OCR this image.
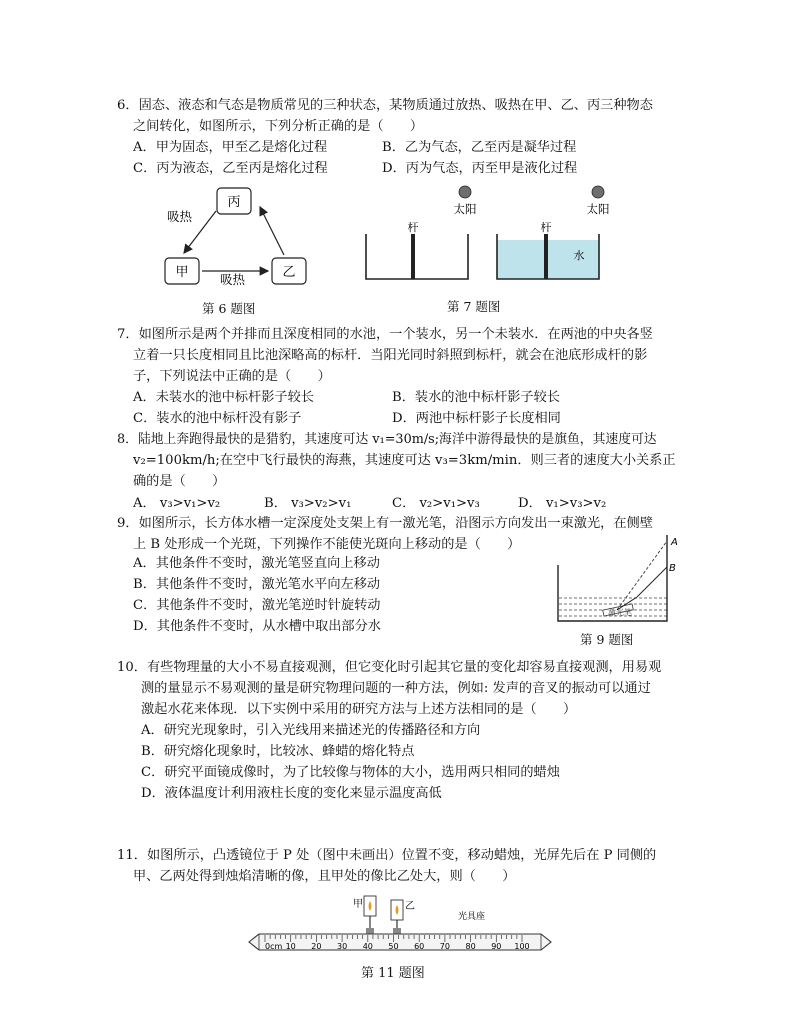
6．固态、液态和气态是物质常见的三种状态，某物质通过放热、吸热在甲、乙、丙三种物态
之间转化，如图所示，下列分析正确的是（　　）
A．甲为固态，甲至乙是熔化过程	B．乙为气态，乙至丙是凝华过程
C．丙为液态，乙至丙是熔化过程	D．丙为气态，丙至甲是液化过程
丙
甲	乙
吸热
吸热
第 6 题图
太阳
杆
太阳
杆
水
第 7 题图
7．如图所示是两个并排而且深度相同的水池，一个装水，另一个未装水．在两池的中央各竖
立着一只长度相同且比池深略高的标杆．当阳光同时斜照到标杆，就会在池底形成杆的影
子，下列说法中正确的是（　　）
A．未装水的池中标杆影子较长	B．装水的池中标杆影子较长
C．装水的池中标杆没有影子	D．两池中标杆影子长度相同
8．陆地上奔跑得最快的是猎豹，其速度可达 v₁=30m/s;海洋中游得最快的是旗鱼，其速度可达
v₂=100km/h;在空中飞行最快的海燕，其速度可达 v₃=3km/min．则三者的速度大小关系正
确的是（　　）
A． v₃>v₁>v₂	B． v₃>v₂>v₁	C． v₂>v₁>v₃	D． v₁>v₃>v₂
9．如图所示，长方体水槽一定深度处支架上有一激光笔，沿图示方向发出一束激光，在侧壁
上 B 处形成一个光斑，下列操作不能使光斑向上移动的是（　　）
A．其他条件不变时，激光笔竖直向上移动
B．其他条件不变时，激光笔水平向左移动
C．其他条件不变时，激光笔逆时针旋转动
D．其他条件不变时，从水槽中取出部分水
激光笔
A
B
第 9 题图
10．有些物理量的大小不易直接观测，但它变化时引起其它量的变化却容易直接观测，用易观
测的量显示不易观测的量是研究物理问题的一种方法，例如: 发声的音叉的振动可以通过
激起水花来体现．以下实例中采用的研究方法与上述方法相同的是（　　）
A．研究光现象时，引入光线用来描述光的传播路径和方向
B．研究熔化现象时，比较冰、蜂蜡的熔化特点
C．研究平面镜成像时，为了比较像与物体的大小，选用两只相同的蜡烛
D．液体温度计利用液柱长度的变化来显示温度高低
11．如图所示，凸透镜位于 P 处（图中未画出）位置不变，移动蜡烛，光屏先后在 P 同侧的
甲、乙两处得到烛焰清晰的像，且甲处的像比乙处大，则（　　）
甲	乙
光具座
0cm 10 20 30 40 50 60 70 80 90 100
第 11 题图
